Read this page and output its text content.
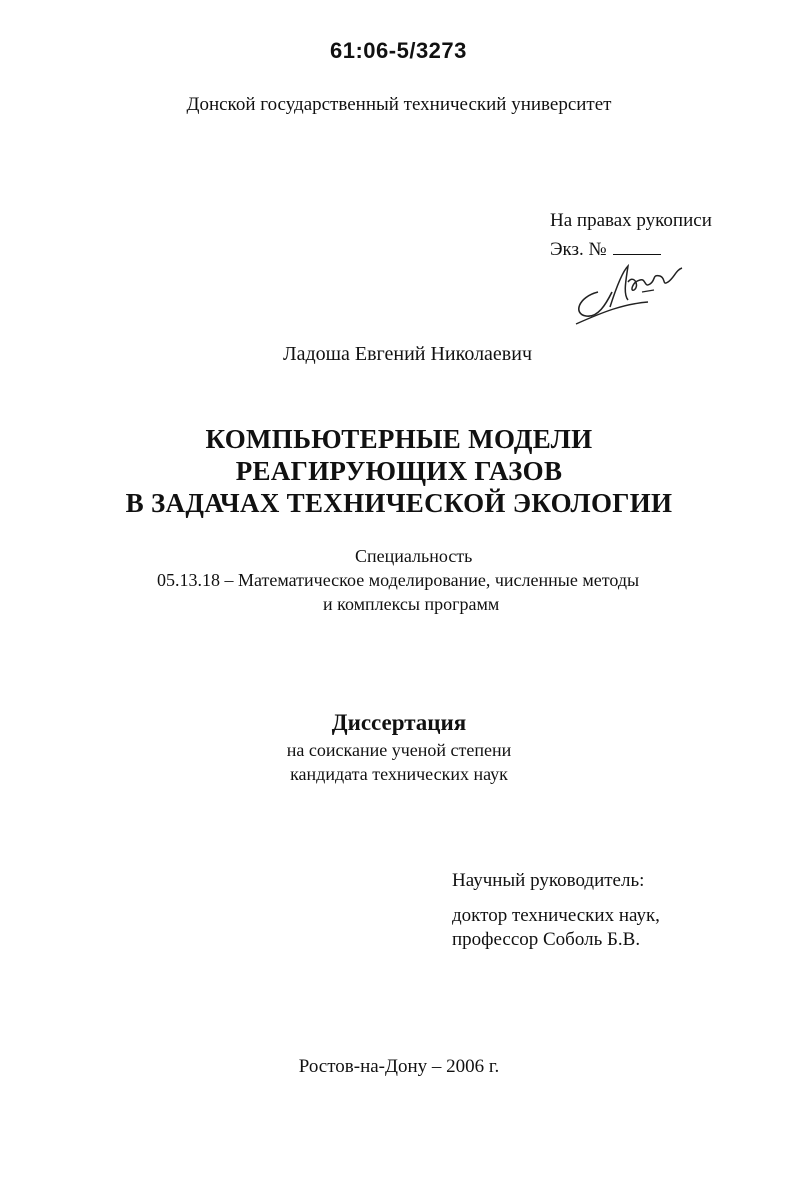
61:06-5/3273
Донской государственный технический университет
На правах рукописи
Экз. №
Ладоша Евгений Николаевич
КОМПЬЮТЕРНЫЕ МОДЕЛИ
РЕАГИРУЮЩИХ ГАЗОВ
В ЗАДАЧАХ ТЕХНИЧЕСКОЙ ЭКОЛОГИИ
Специальность
05.13.18 – Математическое моделирование, численные методы
и комплексы программ
Диссертация
на соискание ученой степени
кандидата технических наук
Научный руководитель:
доктор технических наук,
профессор Соболь Б.В.
Ростов-на-Дону – 2006 г.
